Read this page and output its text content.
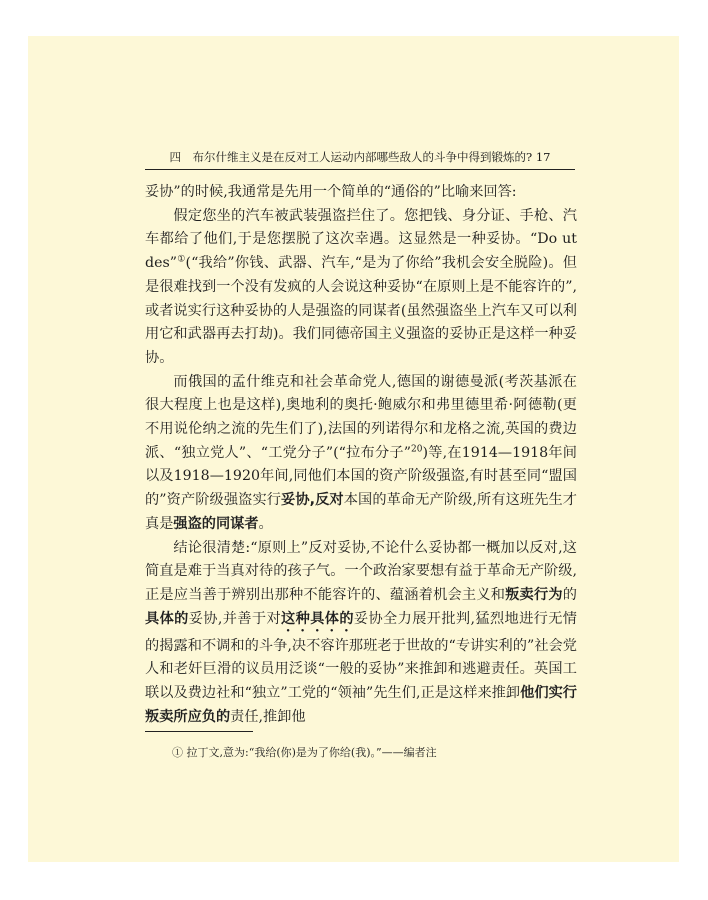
四　布尔什维主义是在反对工人运动内部哪些敌人的斗争中得到锻炼的? 17

妥协”的时候,我通常是先用一个简单的“通俗的”比喻来回答:

假定您坐的汽车被武装强盗拦住了。您把钱、身分证、手枪、汽车都给了他们,于是您摆脱了这次幸遇。这显然是一种妥协。“Do ut des”①(“我给”你钱、武器、汽车,“是为了你给”我机会安全脱险)。但是很难找到一个没有发疯的人会说这种妥协“在原则上是不能容许的”,或者说实行这种妥协的人是强盗的同谋者(虽然强盗坐上汽车又可以利用它和武器再去打劫)。我们同德帝国主义强盗的妥协正是这样一种妥协。

而俄国的孟什维克和社会革命党人,德国的谢德曼派(考茨基派在很大程度上也是这样),奥地利的奥托·鲍威尔和弗里德里希·阿德勒(更不用说伦纳之流的先生们了),法国的列诺得尔和龙格之流,英国的费边派、“独立党人”、“工党分子”(“拉布分子”$^{20}$)等,在1914—1918年间以及1918—1920年间,同他们本国的资产阶级强盗,有时甚至同“盟国的”资产阶级强盗实行妥协,反对本国的革命无产阶级,所有这班先生才真是强盗的同谋者。

结论很清楚:“原则上”反对妥协,不论什么妥协都一概加以反对,这简直是难于当真对待的孩子气。一个政治家要想有益于革命无产阶级,正是应当善于辨别出那种不能容许的、蕴涵着机会主义和叛卖行为的具体的妥协,并善于对这种具体的妥协全力展开批判,猛烈地进行无情的揭露和不调和的斗争,决不容许那班老于世故的“专讲实利的”社会党人和老奸巨滑的议员用泛谈“一般的妥协”来推卸和逃避责任。英国工联以及费边社和“独立”工党的“领袖”先生们,正是这样来推卸他们实行叛卖所应负的责任,推卸他

① 拉丁文,意为:“我给(你)是为了你给(我)。”——编者注
